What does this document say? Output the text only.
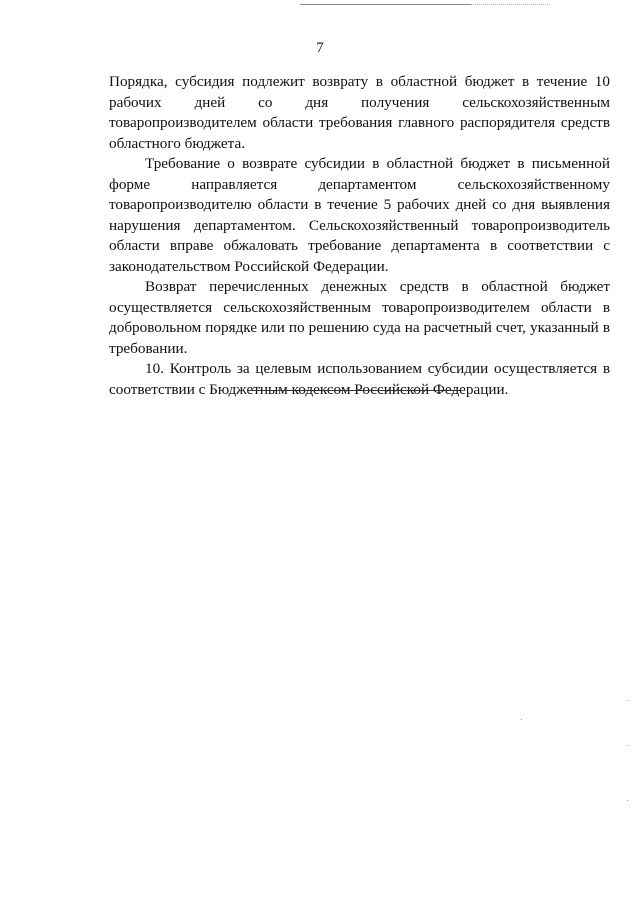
7

Порядка, субсидия подлежит возврату в областной бюджет в течение 10 рабочих дней со дня получения сельскохозяйственным товаропроизводителем области требования главного распорядителя средств областного бюджета.

Требование о возврате субсидии в областной бюджет в письменной форме направляется департаментом сельскохозяйственному товаропроизводителю области в течение 5 рабочих дней со дня выявления нарушения департаментом. Сельскохозяйственный товаропроизводитель области вправе обжаловать требование департамента в соответствии с законодательством Российской Федерации.

Возврат перечисленных денежных средств в областной бюджет осуществляется сельскохозяйственным товаропроизводителем области в добровольном порядке или по решению суда на расчетный счет, указанный в требовании.

10. Контроль за целевым использованием субсидии осуществляется в соответствии с Бюджетным кодексом Российской Федерации.
